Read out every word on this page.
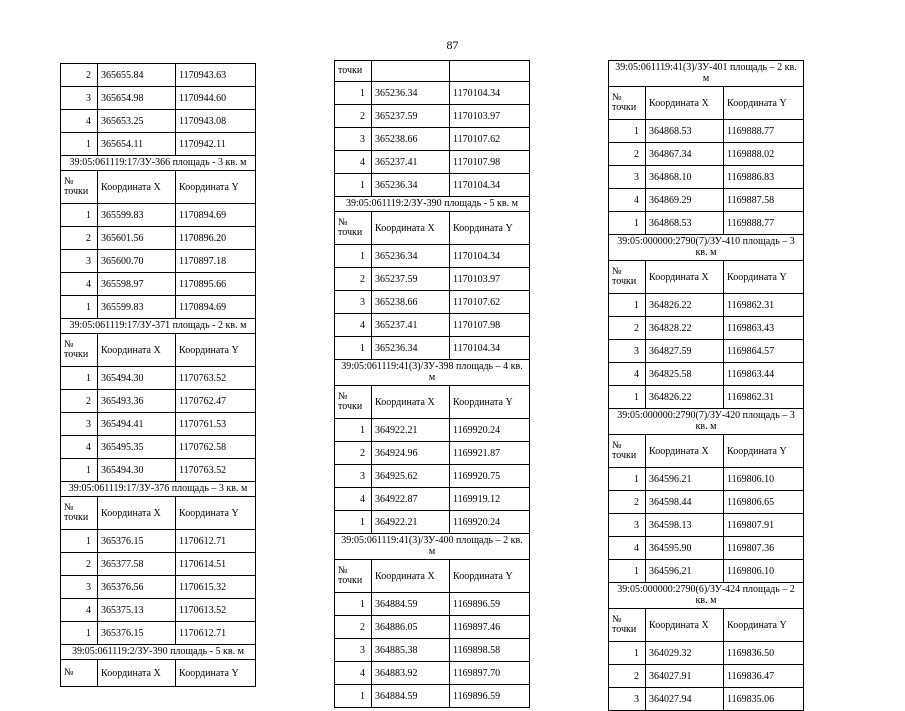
87
2	365655.84	1170943.63
3	365654.98	1170944.60
4	365653.25	1170943.08
1	365654.11	1170942.11
39:05:061119:17/ЗУ-366 площадь - 3 кв. м		
№ точки	Координата X	Координата Y
1	365599.83	1170894.69
2	365601.56	1170896.20
3	365600.70	1170897.18
4	365598.97	1170895.66
1	365599.83	1170894.69
39:05:061119:17/ЗУ-371 площадь - 2 кв. м		
№ точки	Координата X	Координата Y
1	365494.30	1170763.52
2	365493.36	1170762.47
3	365494.41	1170761.53
4	365495.35	1170762.58
1	365494.30	1170763.52
39:05:061119:17/ЗУ-376 площадь – 3 кв. м		
№ точки	Координата X	Координата Y
1	365376.15	1170612.71
2	365377.58	1170614.51
3	365376.56	1170615.32
4	365375.13	1170613.52
1	365376.15	1170612.71
39:05:061119:2/ЗУ-390 площадь - 5 кв. м		
№	Координата X	Координата Y
точки		
1	365236.34	1170104.34
2	365237.59	1170103.97
3	365238.66	1170107.62
4	365237.41	1170107.98
1	365236.34	1170104.34
39:05:061119:2/ЗУ-390 площадь - 5 кв. м		
№ точки	Координата X	Координата Y
1	365236.34	1170104.34
2	365237.59	1170103.97
3	365238.66	1170107.62
4	365237.41	1170107.98
1	365236.34	1170104.34
39:05:061119:41(3)/ЗУ-398 площадь – 4 кв. м		
№ точки	Координата X	Координата Y
1	364922.21	1169920.24
2	364924.96	1169921.87
3	364925.62	1169920.75
4	364922.87	1169919.12
1	364922.21	1169920.24
39:05:061119:41(3)/ЗУ-400 площадь – 2 кв. м		
№ точки	Координата X	Координата Y
1	364884.59	1169896.59
2	364886.05	1169897.46
3	364885.38	1169898.58
4	364883.92	1169897.70
1	364884.59	1169896.59
39:05:061119:41(3)/ЗУ-401 площадь – 2 кв. м		
№ точки	Координата X	Координата Y
1	364868.53	1169888.77
2	364867.34	1169888.02
3	364868.10	1169886.83
4	364869.29	1169887.58
1	364868.53	1169888.77
39:05:000000:2790(7)/ЗУ-410 площадь – 3 кв. м		
№ точки	Координата X	Координата Y
1	364826.22	1169862.31
2	364828.22	1169863.43
3	364827.59	1169864.57
4	364825.58	1169863.44
1	364826.22	1169862.31
39:05:000000:2790(7)/ЗУ-420 площадь – 3 кв. м		
№ точки	Координата X	Координата Y
1	364596.21	1169806.10
2	364598.44	1169806.65
3	364598.13	1169807.91
4	364595.90	1169807.36
1	364596.21	1169806.10
39:05:000000:2790(6)/ЗУ-424 площадь – 2 кв. м		
№ точки	Координата X	Координата Y
1	364029.32	1169836.50
2	364027.91	1169836.47
3	364027.94	1169835.06
